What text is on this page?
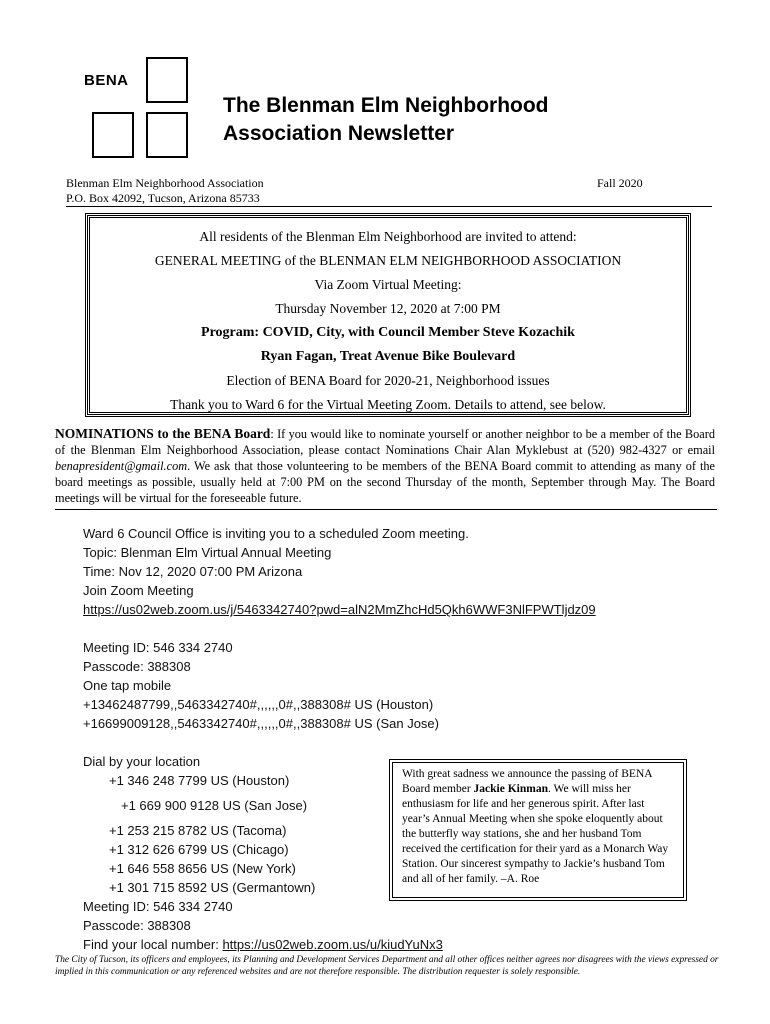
BENA
The Blenman Elm Neighborhood
Association Newsletter
Blenman Elm Neighborhood Association
P.O. Box 42092, Tucson, Arizona 85733
Fall 2020
All residents of the Blenman Elm Neighborhood are invited to attend:
GENERAL MEETING of the BLENMAN ELM NEIGHBORHOOD ASSOCIATION
Via Zoom Virtual Meeting:
Thursday November 12, 2020 at 7:00 PM
Program: COVID, City, with Council Member Steve Kozachik
Ryan Fagan, Treat Avenue Bike Boulevard
Election of BENA Board for 2020-21, Neighborhood issues
Thank you to Ward 6 for the Virtual Meeting Zoom. Details to attend, see below.
NOMINATIONS to the BENA Board: If you would like to nominate yourself or another neighbor to be a member of the Board of the Blenman Elm Neighborhood Association, please contact Nominations Chair Alan Myklebust at (520) 982-4327 or email benapresident@gmail.com. We ask that those volunteering to be members of the BENA Board commit to attending as many of the board meetings as possible, usually held at 7:00 PM on the second Thursday of the month, September through May. The Board meetings will be virtual for the foreseeable future.
Ward 6 Council Office is inviting you to a scheduled Zoom meeting.
Topic: Blenman Elm Virtual Annual Meeting
Time: Nov 12, 2020 07:00 PM Arizona
Join Zoom Meeting
https://us02web.zoom.us/j/5463342740?pwd=alN2MmZhcHd5Qkh6WWF3NlFPWTljdz09
Meeting ID: 546 334 2740
Passcode: 388308
One tap mobile
+13462487799,,5463342740#,,,,,,0#,,388308# US (Houston)
+16699009128,,5463342740#,,,,,,0#,,388308# US (San Jose)
Dial by your location
+1 346 248 7799 US (Houston)
+1 669 900 9128 US (San Jose)
+1 253 215 8782 US (Tacoma)
+1 312 626 6799 US (Chicago)
+1 646 558 8656 US (New York)
+1 301 715 8592 US (Germantown)
Meeting ID: 546 334 2740
Passcode: 388308
Find your local number: https://us02web.zoom.us/u/kiudYuNx3
With great sadness we announce the passing of BENA Board member Jackie Kinman. We will miss her enthusiasm for life and her generous spirit. After last year’s Annual Meeting when she spoke eloquently about the butterfly way stations, she and her husband Tom received the certification for their yard as a Monarch Way Station. Our sincerest sympathy to Jackie’s husband Tom and all of her family. –A. Roe
The City of Tucson, its officers and employees, its Planning and Development Services Department and all other offices neither agrees nor disagrees with the views expressed or implied in this communication or any referenced websites and are not therefore responsible. The distribution requester is solely responsible.
